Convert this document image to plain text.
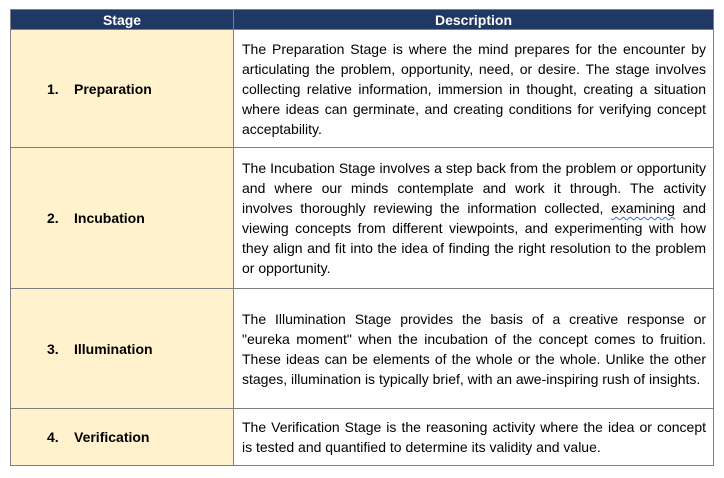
Stage	Description
1. Preparation	The Preparation Stage is where the mind prepares for the encounter by articulating the problem, opportunity, need, or desire. The stage involves collecting relative information, immersion in thought, creating a situation where ideas can germinate, and creating conditions for verifying concept acceptability.
2. Incubation	The Incubation Stage involves a step back from the problem or opportunity and where our minds contemplate and work it through. The activity involves thoroughly reviewing the information collected, examining and viewing concepts from different viewpoints, and experimenting with how they align and fit into the idea of finding the right resolution to the problem or opportunity.
3. Illumination	The Illumination Stage provides the basis of a creative response or "eureka moment" when the incubation of the concept comes to fruition. These ideas can be elements of the whole or the whole. Unlike the other stages, illumination is typically brief, with an awe-inspiring rush of insights.
4. Verification	The Verification Stage is the reasoning activity where the idea or concept is tested and quantified to determine its validity and value.
